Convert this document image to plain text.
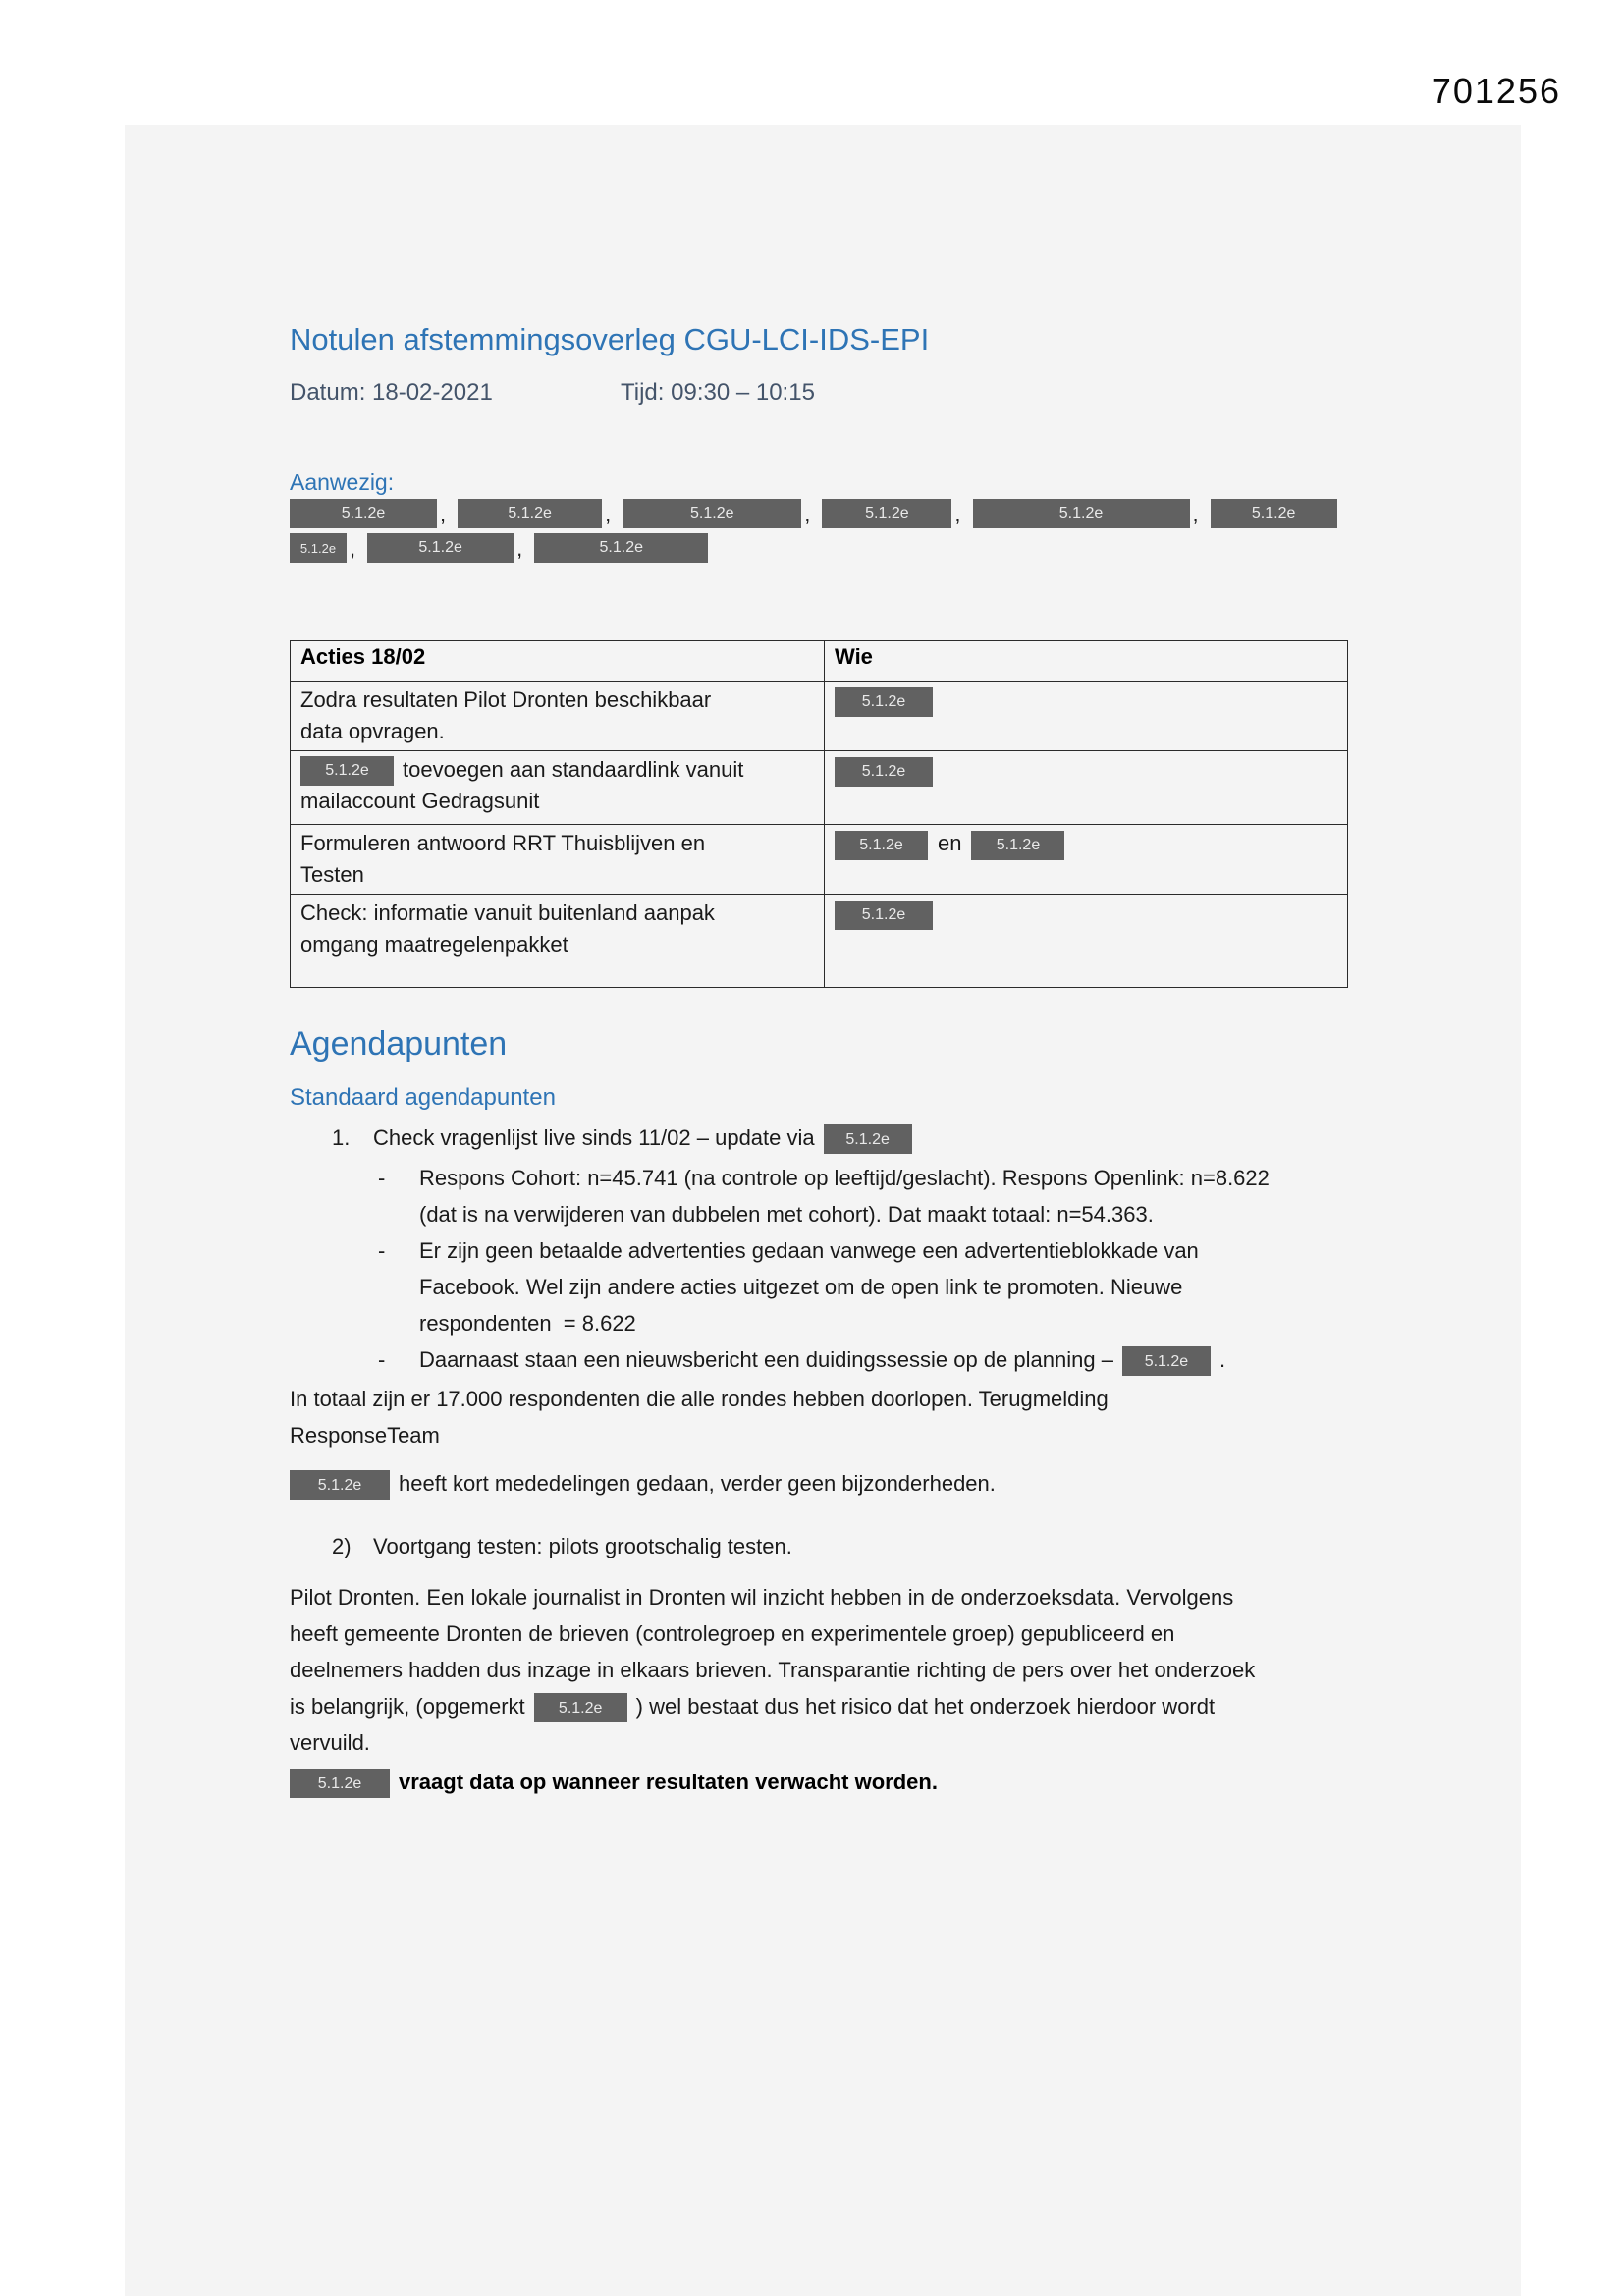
701256
Notulen afstemmingsoverleg CGU-LCI-IDS-EPI
Datum: 18-02-2021	Tijd: 09:30 – 10:15
Aanwezig:
5.1.2e	,	5.1.2e	,	5.1.2e	,	5.1.2e	,	5.1.2e	,	5.1.2e
5.1.2e ,	5.1.2e	,	5.1.2e
Acties 18/02	Wie

Zodra resultaten Pilot Dronten beschikbaar
data opvragen.	5.1.2e

5.1.2e toevoegen aan standaardlink vanuit
mailaccount Gedragsunit	5.1.2e

Formuleren antwoord RRT Thuisblijven en
Testen	5.1.2e en 5.1.2e

Check: informatie vanuit buitenland aanpak
omgang maatregelenpakket	5.1.2e
Agendapunten
Standaard agendapunten
1. Check vragenlijst live sinds 11/02 – update via 5.1.2e
- Respons Cohort: n=45.741 (na controle op leeftijd/geslacht). Respons Openlink: n=8.622
(dat is na verwijderen van dubbelen met cohort). Dat maakt totaal: n=54.363.
- Er zijn geen betaalde advertenties gedaan vanwege een advertentieblokkade van
Facebook. Wel zijn andere acties uitgezet om de open link te promoten. Nieuwe
respondenten  = 8.622
- Daarnaast staan een nieuwsbericht een duidingssessie op de planning – 5.1.2e .
In totaal zijn er 17.000 respondenten die alle rondes hebben doorlopen. Terugmelding
ResponseTeam
5.1.2e heeft kort mededelingen gedaan, verder geen bijzonderheden.
2) Voortgang testen: pilots grootschalig testen.
Pilot Dronten. Een lokale journalist in Dronten wil inzicht hebben in de onderzoeksdata. Vervolgens
heeft gemeente Dronten de brieven (controlegroep en experimentele groep) gepubliceerd en
deelnemers hadden dus inzage in elkaars brieven. Transparantie richting de pers over het onderzoek
is belangrijk, (opgemerkt 5.1.2e ) wel bestaat dus het risico dat het onderzoek hierdoor wordt
vervuild.
5.1.2e vraagt data op wanneer resultaten verwacht worden.
